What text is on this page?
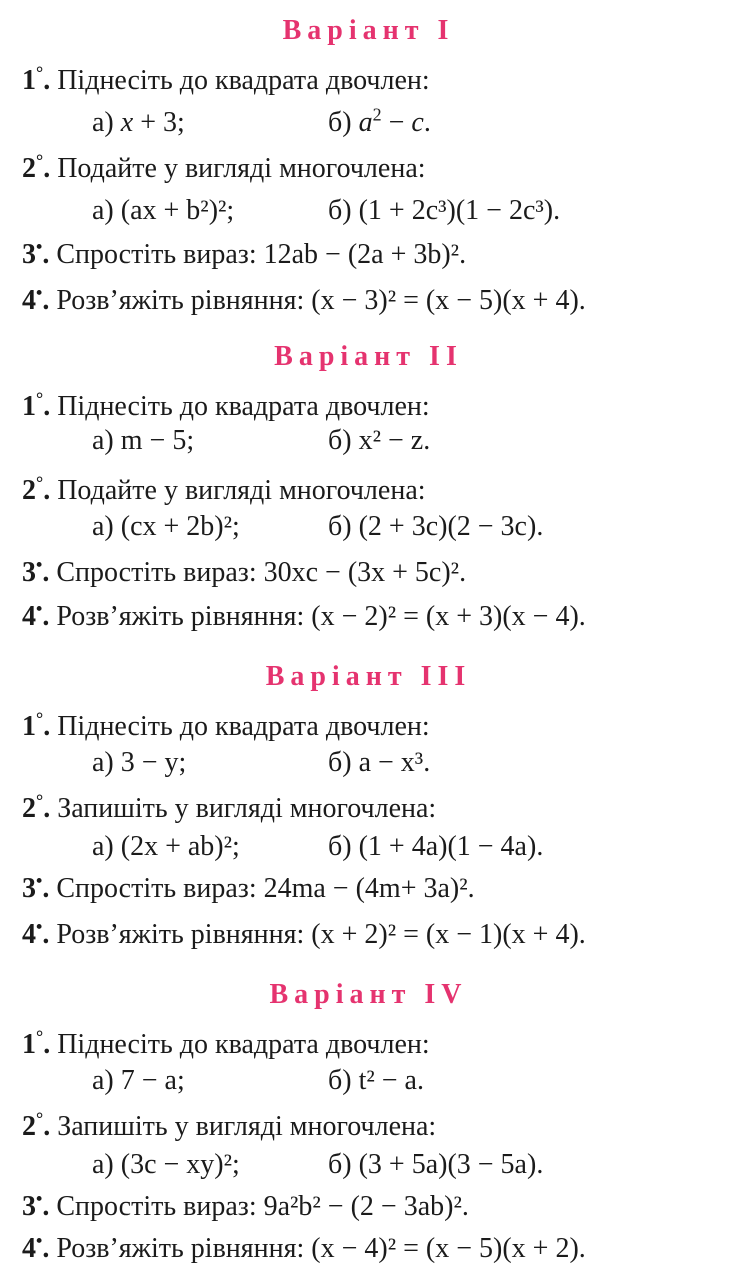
Варіант I
1°. Піднесіть до квадрата двочлен:
а) x + 3;	б) $a^2 - c$.
2°. Подайте у вигляді многочлена:
а) (ax + b²)²;	б) (1 + 2c³)(1 − 2c³).
3•. Спростіть вираз: 12ab − (2a + 3b)².
4•. Розв’яжіть рівняння: (x − 3)² = (x − 5)(x + 4).
Варіант II
1°. Піднесіть до квадрата двочлен:
а) m − 5;	б) x² − z.
2°. Подайте у вигляді многочлена:
а) (cx + 2b)²;	б) (2 + 3c)(2 − 3c).
3•. Спростіть вираз: 30xc − (3x + 5c)².
4•. Розв’яжіть рівняння: (x − 2)² = (x + 3)(x − 4).
Варіант III
1°. Піднесіть до квадрата двочлен:
а) 3 − y;	б) a − x³.
2°. Запишіть у вигляді многочлена:
а) (2x + ab)²;	б) (1 + 4a)(1 − 4a).
3•. Спростіть вираз: 24ma − (4m+ 3a)².
4•. Розв’яжіть рівняння: (x + 2)² = (x − 1)(x + 4).
Варіант IV
1°. Піднесіть до квадрата двочлен:
а) 7 − a;	б) t² − a.
2°. Запишіть у вигляді многочлена:
а) (3c − xy)²;	б) (3 + 5a)(3 − 5a).
3•. Спростіть вираз: 9a²b² − (2 − 3ab)².
4•. Розв’яжіть рівняння: (x − 4)² = (x − 5)(x + 2).
